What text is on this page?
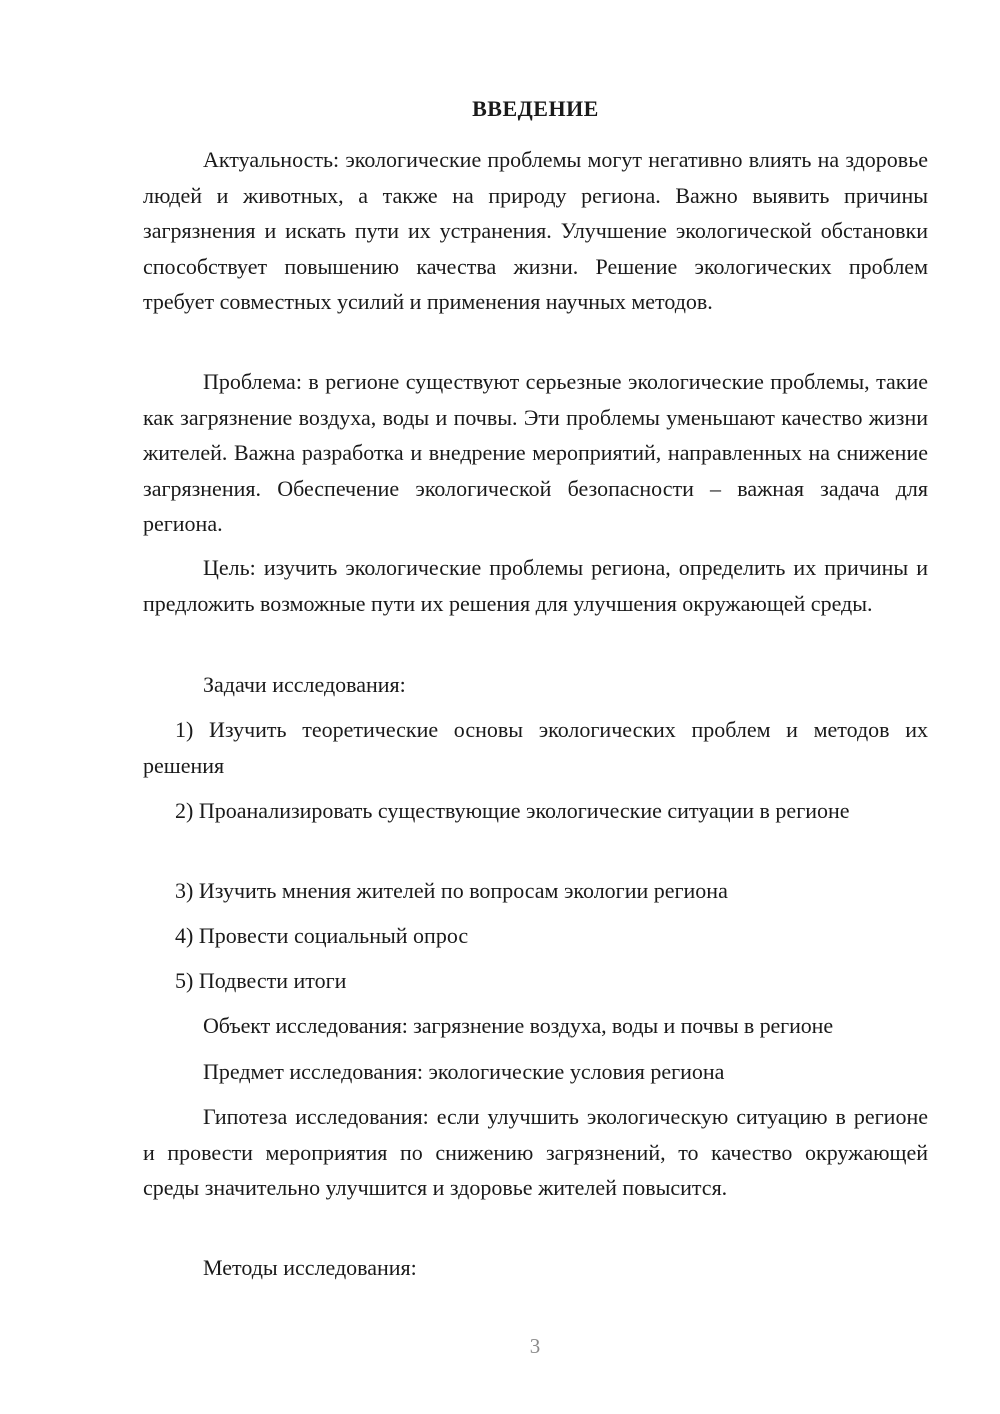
ВВЕДЕНИЕ

Актуальность: экологические проблемы могут негативно влиять на здоровье людей и животных, а также на природу региона. Важно выявить причины загрязнения и искать пути их устранения. Улучшение экологической обстановки способствует повышению качества жизни. Решение экологических проблем требует совместных усилий и применения научных методов.

Проблема: в регионе существуют серьезные экологические проблемы, такие как загрязнение воздуха, воды и почвы. Эти проблемы уменьшают качество жизни жителей. Важна разработка и внедрение мероприятий, направленных на снижение загрязнения. Обеспечение экологической безопасности – важная задача для региона.

Цель: изучить экологические проблемы региона, определить их причины и предложить возможные пути их решения для улучшения окружающей среды.

Задачи исследования:

1) Изучить теоретические основы экологических проблем и методов их решения

2) Проанализировать существующие экологические ситуации в регионе

3) Изучить мнения жителей по вопросам экологии региона

4) Провести социальный опрос

5) Подвести итоги

Объект исследования: загрязнение воздуха, воды и почвы в регионе

Предмет исследования: экологические условия региона

Гипотеза исследования: если улучшить экологическую ситуацию в регионе и провести мероприятия по снижению загрязнений, то качество окружающей среды значительно улучшится и здоровье жителей повысится.

Методы исследования:

3
